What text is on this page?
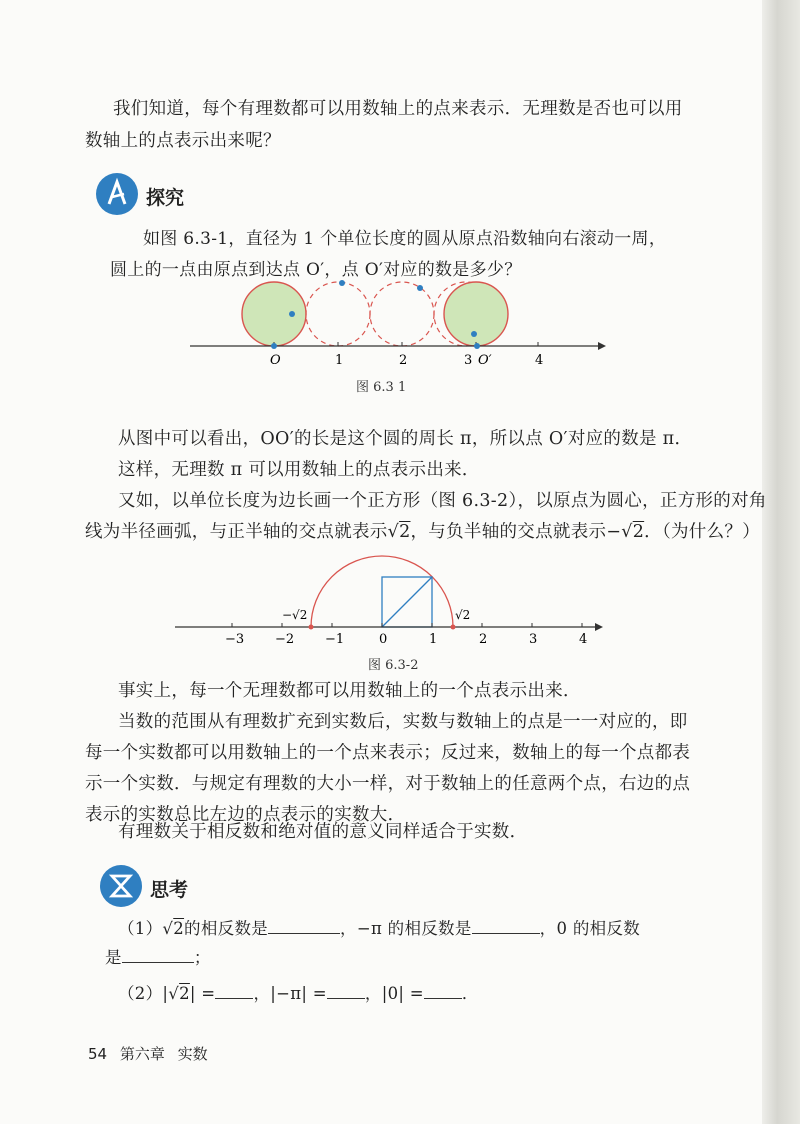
我们知道，每个有理数都可以用数轴上的点来表示．无理数是否也可以用
数轴上的点表示出来呢？
探究
如图 6.3-1，直径为 1 个单位长度的圆从原点沿数轴向右滚动一周，
圆上的一点由原点到达点 O′，点 O′对应的数是多少？
O	1	2	3 O′	4
图 6.3 1
从图中可以看出，OO′的长是这个圆的周长 π，所以点 O′对应的数是 π．
这样，无理数 π 可以用数轴上的点表示出来．
又如，以单位长度为边长画一个正方形（图 6.3-2），以原点为圆心，正方形的对角
线为半径画弧，与正半轴的交点就表示√2，与负半轴的交点就表示−√2．（为什么？）
−√2	√2
−3 −2 −1	0	1	2	3	4
图 6.3-2
事实上，每一个无理数都可以用数轴上的一个点表示出来．
当数的范围从有理数扩充到实数后，实数与数轴上的点是一一对应的，即
每一个实数都可以用数轴上的一个点来表示；反过来，数轴上的每一个点都表
示一个实数．与规定有理数的大小一样，对于数轴上的任意两个点，右边的点
表示的实数总比左边的点表示的实数大．
有理数关于相反数和绝对值的意义同样适合于实数．
思考
（1）√2的相反数是	，−π 的相反数是	，0 的相反数
是	；
（2）|√2| = ，|−π| = ，|0| = ．
54 第六章 实数
